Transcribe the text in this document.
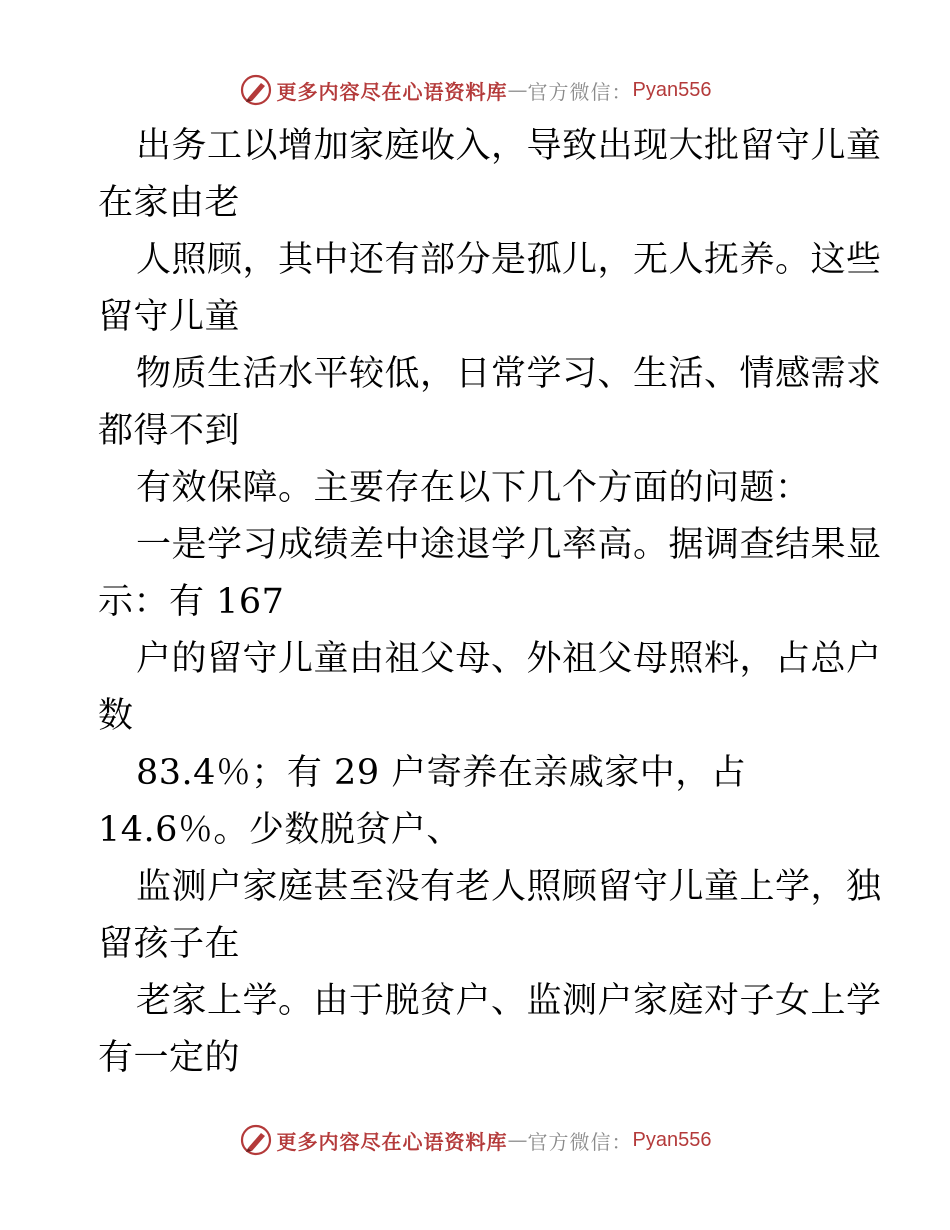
更多内容尽在心语资料库 — 官方微信： Pyan556
出务工以增加家庭收入，导致出现大批留守儿童
在家由老
人照顾，其中还有部分是孤儿，无人抚养。这些
留守儿童
物质生活水平较低，日常学习、生活、情感需求
都得不到
有效保障。主要存在以下几个方面的问题：
一是学习成绩差中途退学几率高。据调查结果显
示：有 167
户的留守儿童由祖父母、外祖父母照料，占总户
数
83.4％；有 29 户寄养在亲戚家中，占
14.6％。少数脱贫户、
监测户家庭甚至没有老人照顾留守儿童上学，独
留孩子在
老家上学。由于脱贫户、监测户家庭对子女上学
有一定的
更多内容尽在心语资料库 — 官方微信： Pyan556
